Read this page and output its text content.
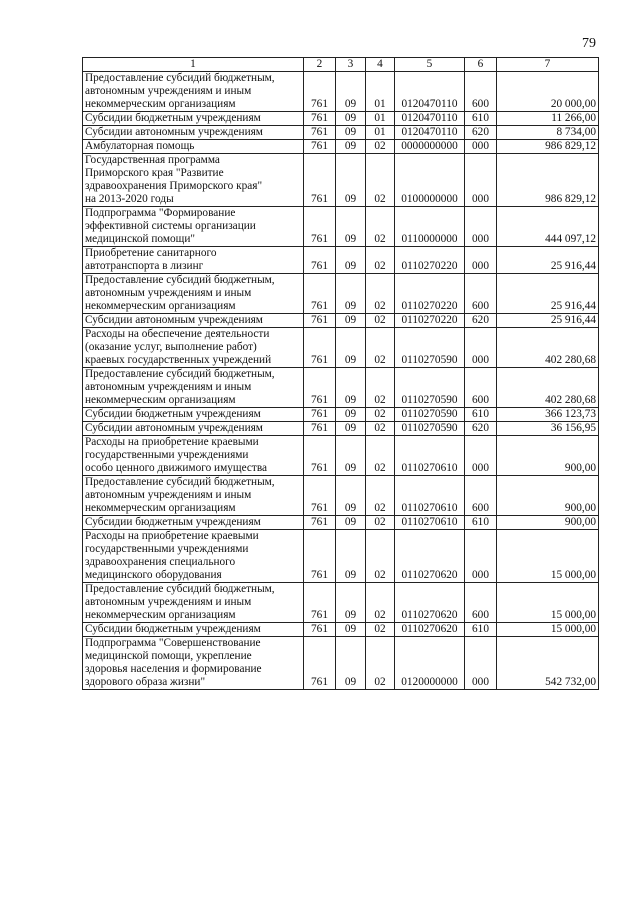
79
1	2	3	4	5	6	7

Предоставление субсидий бюджетным,
автономным учреждениям и иным
некоммерческим организациям	761	09	01	0120470110	600	20 000,00

Субсидии бюджетным учреждениям	761	09	01	0120470110	610	11 266,00

Субсидии автономным учреждениям	761	09	01	0120470110	620	8 734,00

Амбулаторная помощь	761	09	02	0000000000	000	986 829,12

Государственная программа
Приморского края "Развитие
здравоохранения Приморского края"
на 2013-2020 годы	761	09	02	0100000000	000	986 829,12

Подпрограмма "Формирование
эффективной системы организации
медицинской помощи"	761	09	02	0110000000	000	444 097,12

Приобретение санитарного
автотранспорта в лизинг	761	09	02	0110270220	000	25 916,44

Предоставление субсидий бюджетным,
автономным учреждениям и иным
некоммерческим организациям	761	09	02	0110270220	600	25 916,44

Субсидии автономным учреждениям	761	09	02	0110270220	620	25 916,44

Расходы на обеспечение деятельности
(оказание услуг, выполнение работ)
краевых государственных учреждений	761	09	02	0110270590	000	402 280,68

Предоставление субсидий бюджетным,
автономным учреждениям и иным
некоммерческим организациям	761	09	02	0110270590	600	402 280,68

Субсидии бюджетным учреждениям	761	09	02	0110270590	610	366 123,73

Субсидии автономным учреждениям	761	09	02	0110270590	620	36 156,95

Расходы на приобретение краевыми
государственными учреждениями
особо ценного движимого имущества	761	09	02	0110270610	000	900,00

Предоставление субсидий бюджетным,
автономным учреждениям и иным
некоммерческим организациям	761	09	02	0110270610	600	900,00

Субсидии бюджетным учреждениям	761	09	02	0110270610	610	900,00

Расходы на приобретение краевыми
государственными учреждениями
здравоохранения специального
медицинского оборудования	761	09	02	0110270620	000	15 000,00

Предоставление субсидий бюджетным,
автономным учреждениям и иным
некоммерческим организациям	761	09	02	0110270620	600	15 000,00

Субсидии бюджетным учреждениям	761	09	02	0110270620	610	15 000,00

Подпрограмма "Совершенствование
медицинской помощи, укрепление
здоровья населения и формирование
здорового образа жизни"	761	09	02	0120000000	000	542 732,00
